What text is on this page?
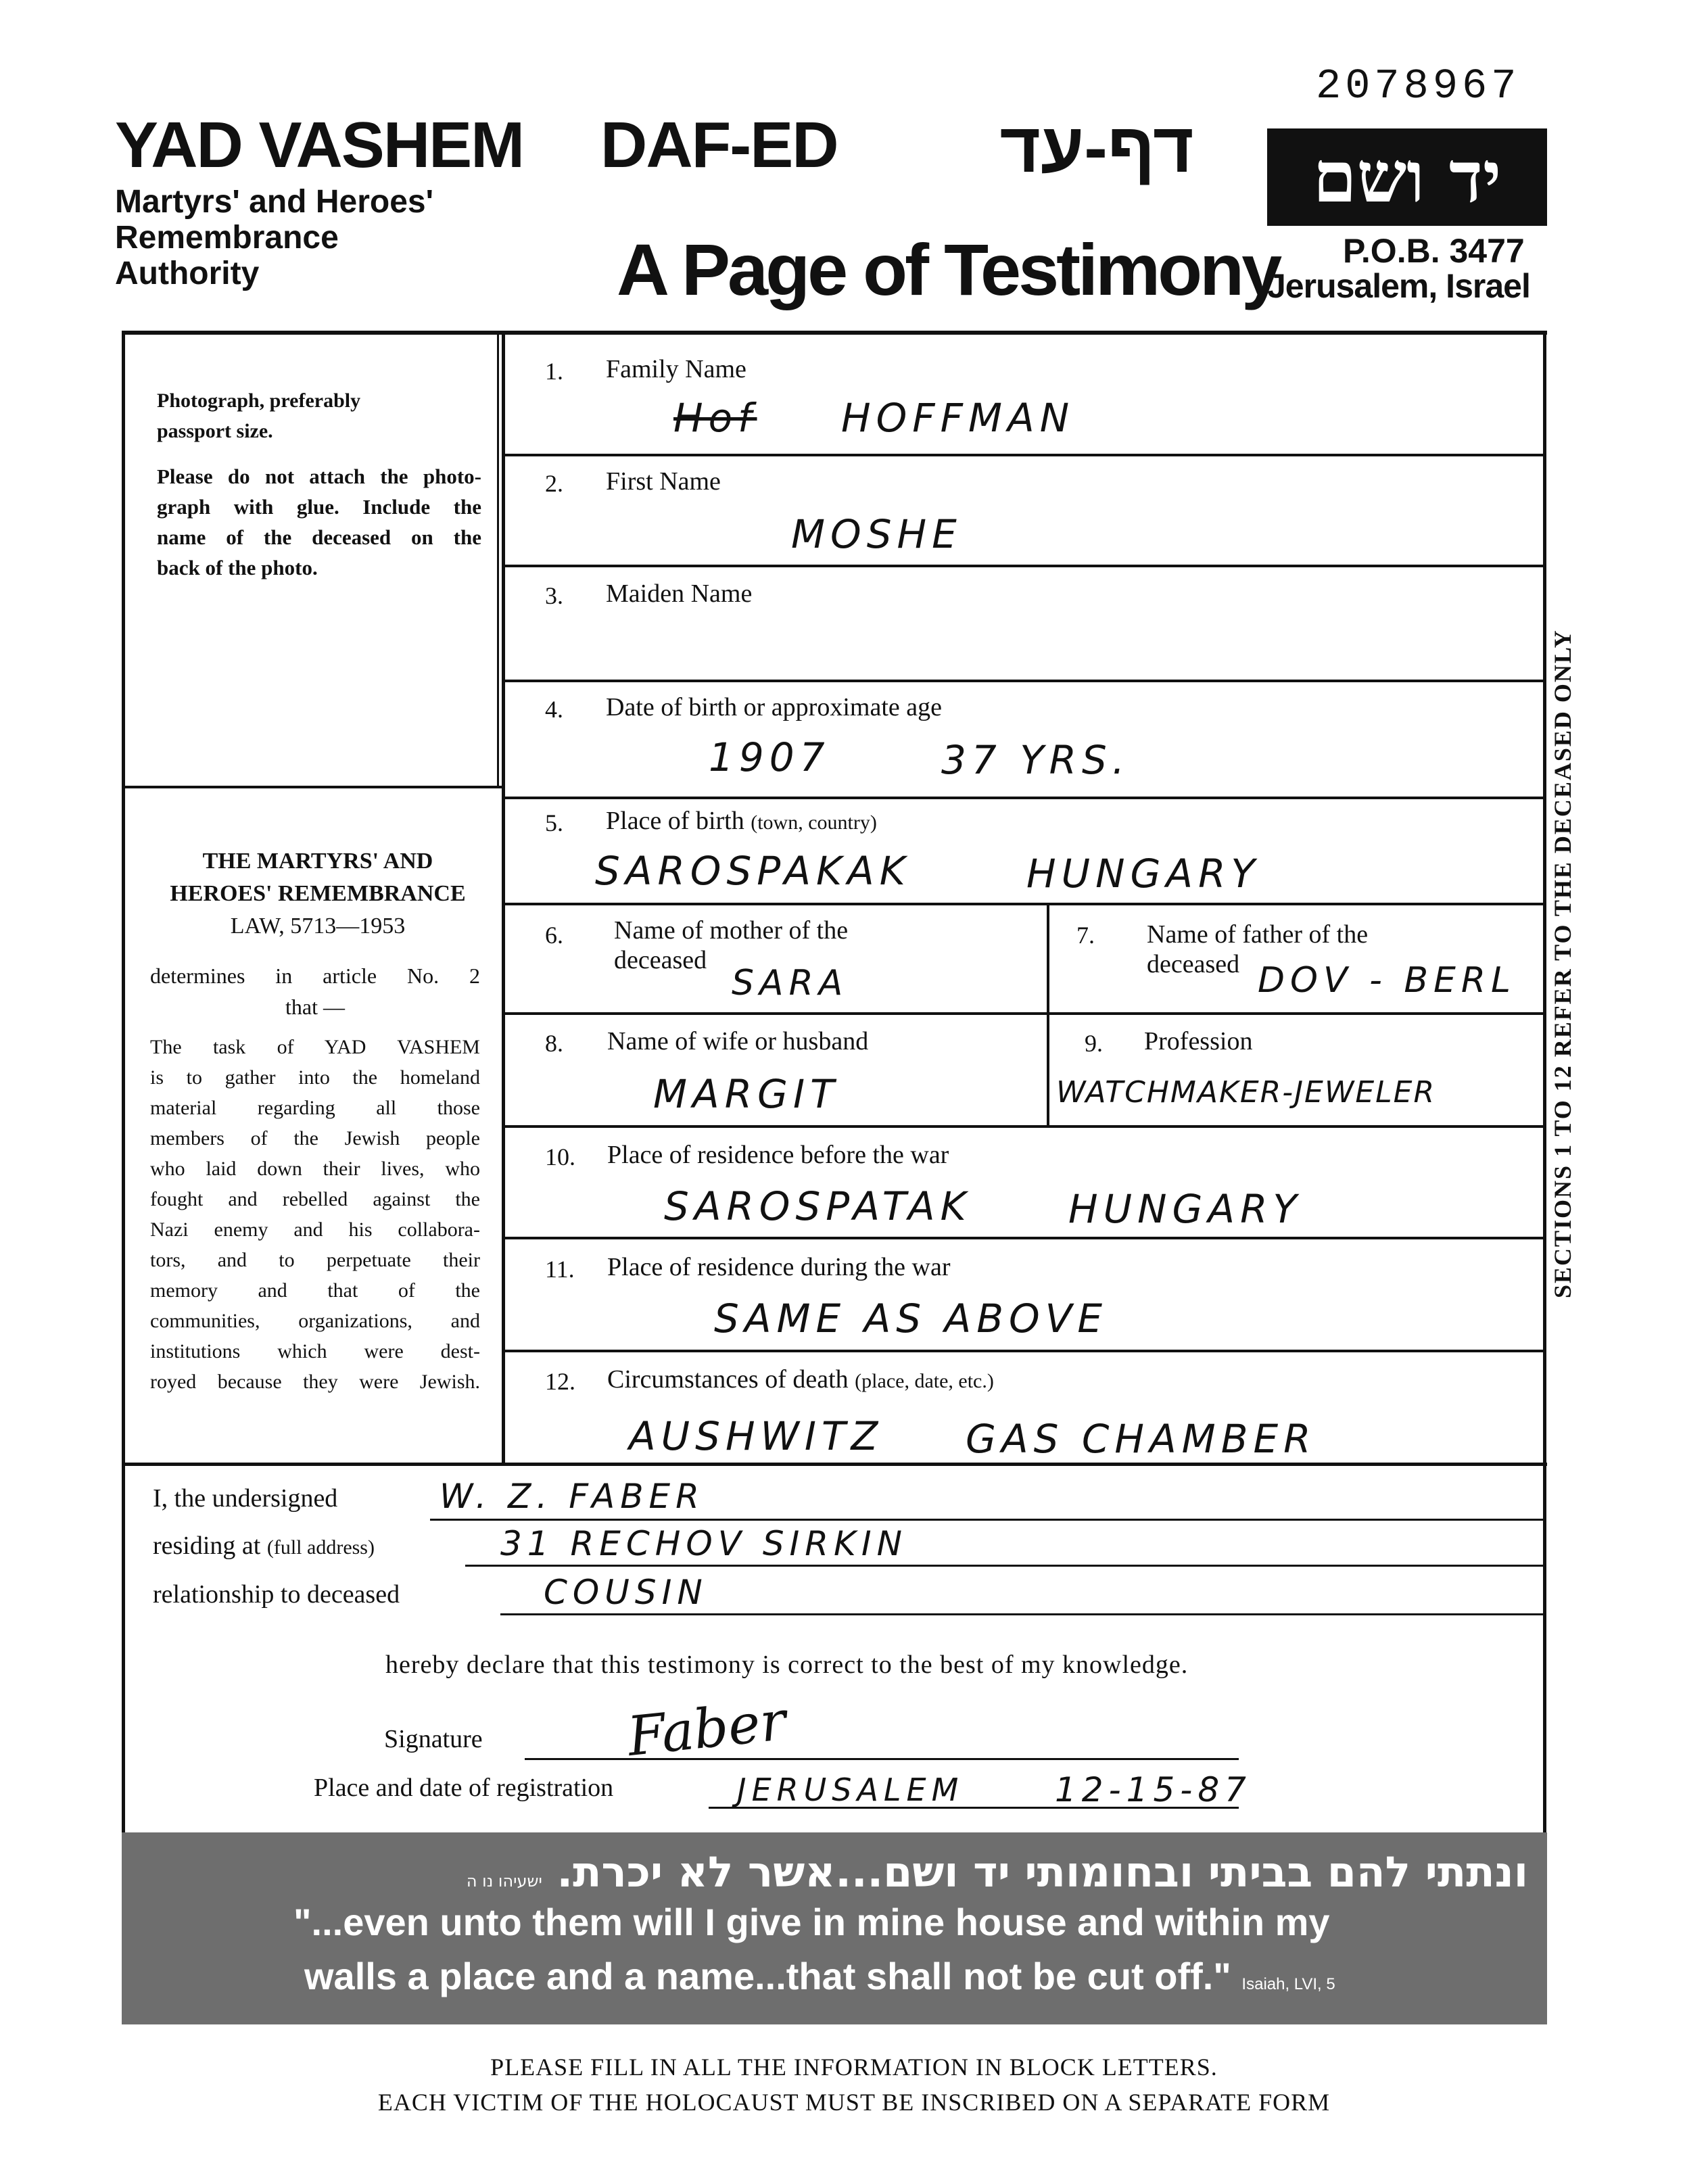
2078967
YAD VASHEM
Martyrs' and Heroes'
Remembrance
Authority
DAF-ED	דף-עד
A Page of Testimony
יד ושם
P.O.B. 3477
Jerusalem, Israel
Photograph, preferably
passport size.
Please do not attach the photo-
graph with glue. Include the
name of the deceased on the
back of the photo.
THE MARTYRS' AND
HEROES' REMEMBRANCE
LAW, 5713—1953
determines in article No. 2
that —
The task of YAD VASHEM
is to gather into the homeland
material regarding all those
members of the Jewish people
who laid down their lives, who
fought and rebelled against the
Nazi enemy and his collabora-
tors, and to perpetuate their
memory and that of the
communities, organizations, and
institutions which were dest-
royed because they were Jewish.
1. Family Name
Hof HOFFMAN
2. First Name
MOSHE
3. Maiden Name
4. Date of birth or approximate age
1907	37 YRS.
5. Place of birth (town, country)
SAROSPAKAK	HUNGARY
6. Name of mother of the
deceased
SARA
7. Name of father of the
deceased DOV - BERL
8. Name of wife or husband
MARGIT
9. Profession
WATCHMAKER-JEWELER
10. Place of residence before the war
SAROSPATAK HUNGARY
11. Place of residence during the war
SAME AS ABOVE
12. Circumstances of death (place, date, etc.)
AUSHWITZ GAS CHAMBER
SECTIONS 1 TO 12 REFER TO THE DECEASED ONLY
I, the undersigned	W. Z. FABER
residing at (full address)	31 RECHOV SIRKIN
relationship to deceased	COUSIN
hereby declare that this testimony is correct to the best of my knowledge.
Signature	Faber
Place and date of registration	JERUSALEM	12-15-87
ונתתי להם בביתי ובחומותי יד ושם...אשר לא יכרת. ישעיהו נו ה
"...even unto them will I give in mine house and within my
walls a place and a name...that shall not be cut off." Isaiah, LVI, 5
PLEASE FILL IN ALL THE INFORMATION IN BLOCK LETTERS.
EACH VICTIM OF THE HOLOCAUST MUST BE INSCRIBED ON A SEPARATE FORM
